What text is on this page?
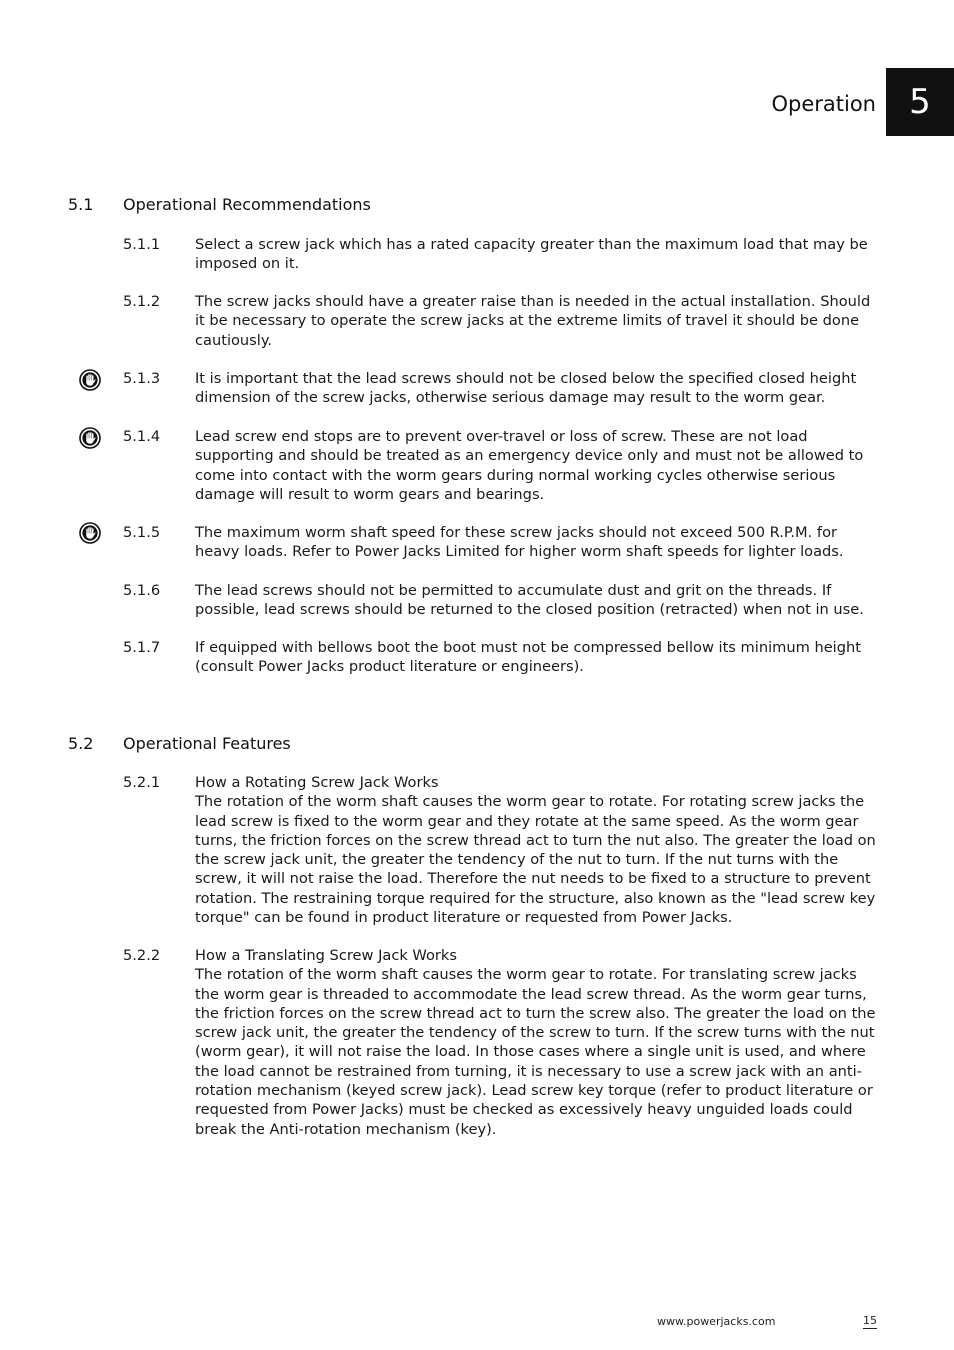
Operation 5
5.1 Operational Recommendations
5.1.1	Select a screw jack which has a rated capacity greater than the maximum load that may be imposed on it.
5.1.2	The screw jacks should have a greater raise than is needed in the actual installation. Should it be necessary to operate the screw jacks at the extreme limits of travel it should be done cautiously.
5.1.3	It is important that the lead screws should not be closed below the specified closed height dimension of the screw jacks, otherwise serious damage may result to the worm gear.
5.1.4	Lead screw end stops are to prevent over-travel or loss of screw. These are not load supporting and should be treated as an emergency device only and must not be allowed to come into contact with the worm gears during normal working cycles otherwise serious damage will result to worm gears and bearings.
5.1.5	The maximum worm shaft speed for these screw jacks should not exceed 500 R.P.M. for heavy loads. Refer to Power Jacks Limited for higher worm shaft speeds for lighter loads.
5.1.6	The lead screws should not be permitted to accumulate dust and grit on the threads. If possible, lead screws should be returned to the closed position (retracted) when not in use.
5.1.7	If equipped with bellows boot the boot must not be compressed bellow its minimum height (consult Power Jacks product literature or engineers).
5.2 Operational Features
5.2.1	How a Rotating Screw Jack Works
The rotation of the worm shaft causes the worm gear to rotate. For rotating screw jacks the lead screw is fixed to the worm gear and they rotate at the same speed. As the worm gear turns, the friction forces on the screw thread act to turn the nut also. The greater the load on the screw jack unit, the greater the tendency of the nut to turn. If the nut turns with the screw, it will not raise the load. Therefore the nut needs to be fixed to a structure to prevent rotation. The restraining torque required for the structure, also known as the "lead screw key torque" can be found in product literature or requested from Power Jacks.
5.2.2	How a Translating Screw Jack Works
The rotation of the worm shaft causes the worm gear to rotate. For translating screw jacks the worm gear is threaded to accommodate the lead screw thread. As the worm gear turns, the friction forces on the screw thread act to turn the screw also. The greater the load on the screw jack unit, the greater the tendency of the screw to turn. If the screw turns with the nut (worm gear), it will not raise the load. In those cases where a single unit is used, and where the load cannot be restrained from turning, it is necessary to use a screw jack with an anti-rotation mechanism (keyed screw jack). Lead screw key torque (refer to product literature or requested from Power Jacks) must be checked as excessively heavy unguided loads could break the Anti-rotation mechanism (key).
www.powerjacks.com	15
